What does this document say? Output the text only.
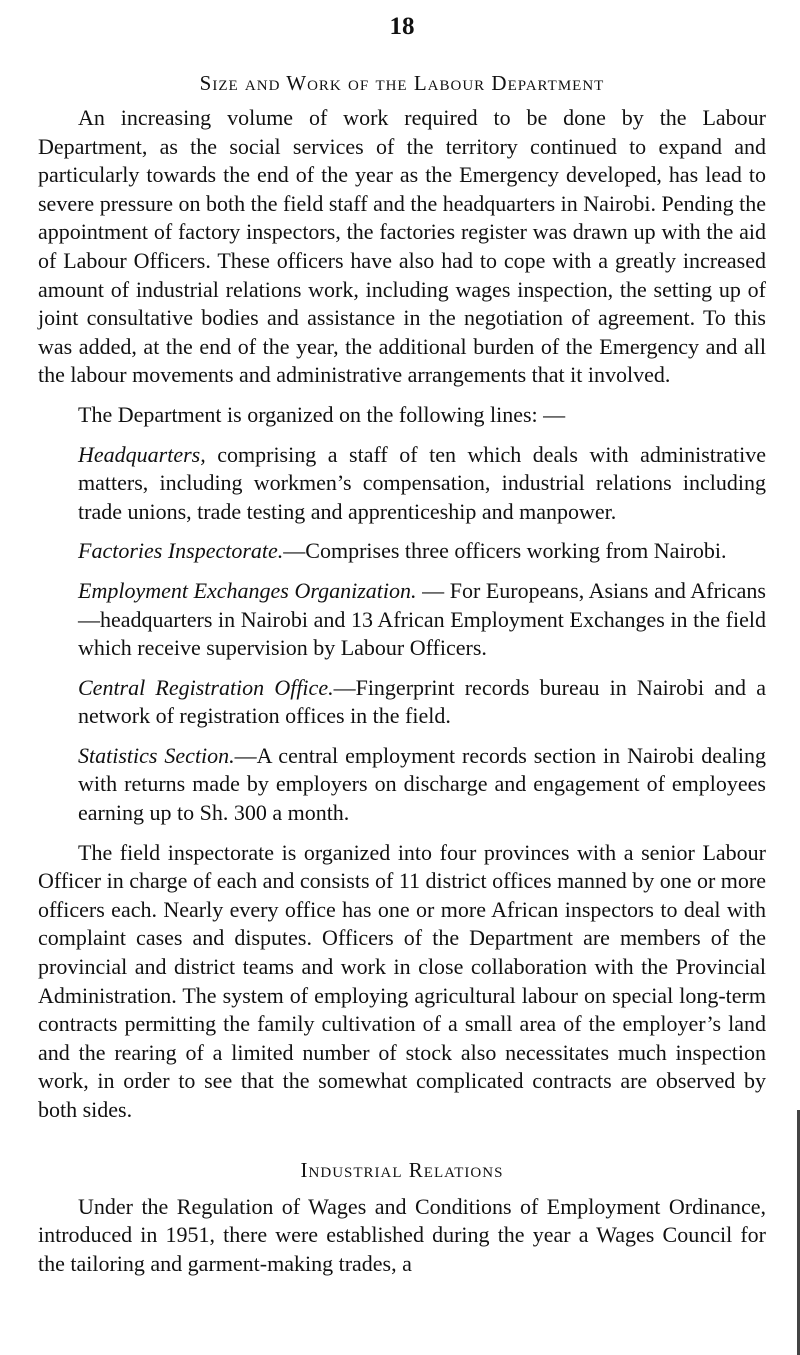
18
Size and Work of the Labour Department

An increasing volume of work required to be done by the Labour Department, as the social services of the territory continued to expand and particularly towards the end of the year as the Emergency developed, has lead to severe pressure on both the field staff and the headquarters in Nairobi. Pending the appointment of factory inspectors, the factories register was drawn up with the aid of Labour Officers. These officers have also had to cope with a greatly increased amount of industrial relations work, including wages inspection, the setting up of joint consultative bodies and assistance in the negotiation of agreement. To this was added, at the end of the year, the additional burden of the Emergency and all the labour movements and administrative arrangements that it involved.

The Department is organized on the following lines: —

Headquarters, comprising a staff of ten which deals with administrative matters, including workmen’s compensation, industrial relations including trade unions, trade testing and apprenticeship and manpower.

Factories Inspectorate.—Comprises three officers working from Nairobi.

Employment Exchanges Organization. — For Europeans, Asians and Africans—headquarters in Nairobi and 13 African Employment Exchanges in the field which receive supervision by Labour Officers.

Central Registration Office.—Fingerprint records bureau in Nairobi and a network of registration offices in the field.

Statistics Section.—A central employment records section in Nairobi dealing with returns made by employers on discharge and engagement of employees earning up to Sh. 300 a month.

The field inspectorate is organized into four provinces with a senior Labour Officer in charge of each and consists of 11 district offices manned by one or more officers each. Nearly every office has one or more African inspectors to deal with complaint cases and disputes. Officers of the Department are members of the provincial and district teams and work in close collaboration with the Provincial Administration. The system of employing agricultural labour on special long-term contracts permitting the family cultivation of a small area of the employer’s land and the rearing of a limited number of stock also necessitates much inspection work, in order to see that the somewhat complicated contracts are observed by both sides.

Industrial Relations

Under the Regulation of Wages and Conditions of Employment Ordinance, introduced in 1951, there were established during the year a Wages Council for the tailoring and garment-making trades, a
